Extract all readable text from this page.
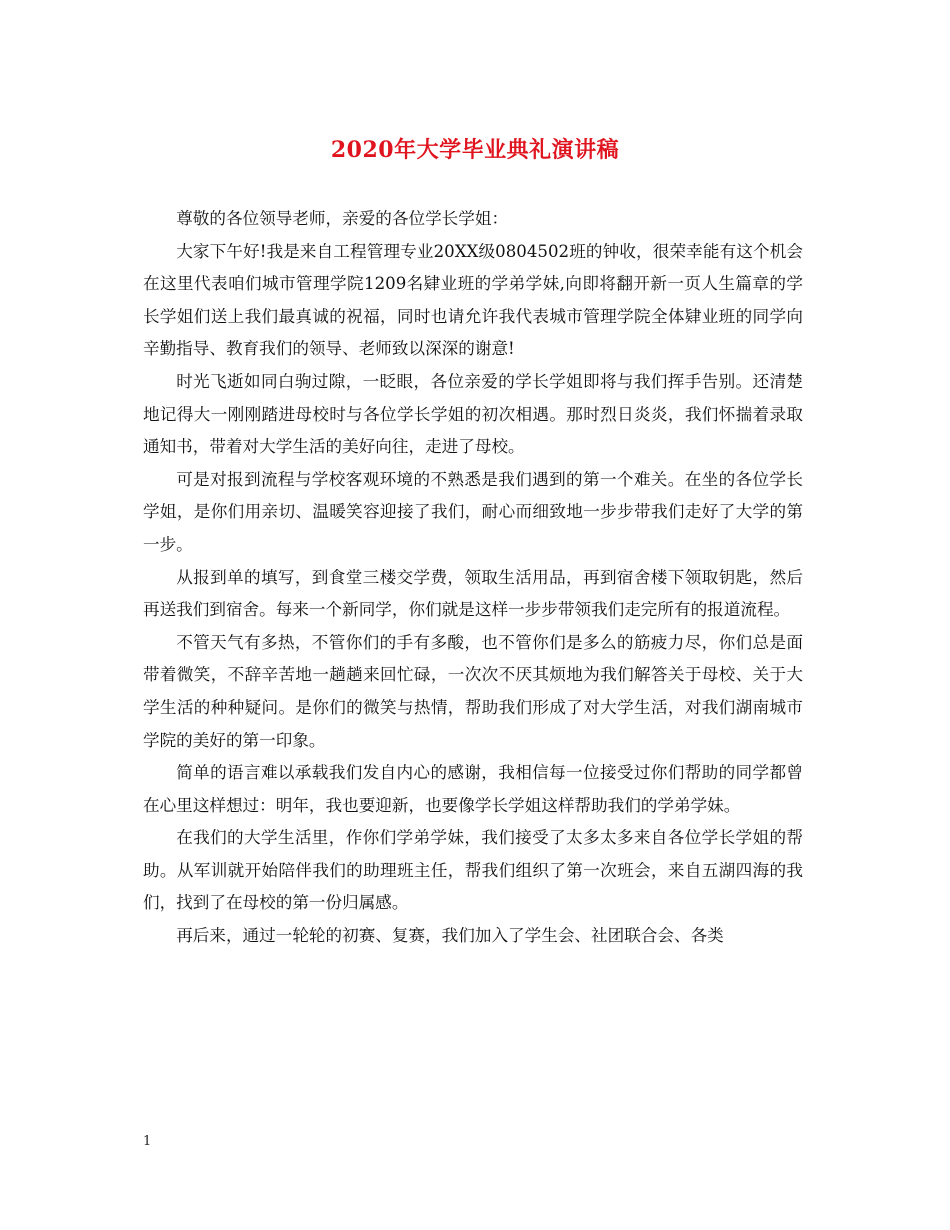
2020年大学毕业典礼演讲稿

尊敬的各位领导老师，亲爱的各位学长学姐：

大家下午好!我是来自工程管理专业20XX级0804502班的钟收，很荣幸能有这个机会在这里代表咱们城市管理学院1209名肄业班的学弟学妹,向即将翻开新一页人生篇章的学长学姐们送上我们最真诚的祝福，同时也请允许我代表城市管理学院全体肄业班的同学向辛勤指导、教育我们的领导、老师致以深深的谢意!

时光飞逝如同白驹过隙，一眨眼，各位亲爱的学长学姐即将与我们挥手告别。还清楚地记得大一刚刚踏进母校时与各位学长学姐的初次相遇。那时烈日炎炎，我们怀揣着录取通知书，带着对大学生活的美好向往，走进了母校。

可是对报到流程与学校客观环境的不熟悉是我们遇到的第一个难关。在坐的各位学长学姐，是你们用亲切、温暖笑容迎接了我们，耐心而细致地一步步带我们走好了大学的第一步。

从报到单的填写，到食堂三楼交学费，领取生活用品，再到宿舍楼下领取钥匙，然后再送我们到宿舍。每来一个新同学，你们就是这样一步步带领我们走完所有的报道流程。

不管天气有多热，不管你们的手有多酸，也不管你们是多么的筋疲力尽，你们总是面带着微笑，不辞辛苦地一趟趟来回忙碌，一次次不厌其烦地为我们解答关于母校、关于大学生活的种种疑问。是你们的微笑与热情，帮助我们形成了对大学生活，对我们湖南城市学院的美好的第一印象。

简单的语言难以承载我们发自内心的感谢，我相信每一位接受过你们帮助的同学都曾在心里这样想过：明年，我也要迎新，也要像学长学姐这样帮助我们的学弟学妹。

在我们的大学生活里，作你们学弟学妹，我们接受了太多太多来自各位学长学姐的帮助。从军训就开始陪伴我们的助理班主任，帮我们组织了第一次班会，来自五湖四海的我们，找到了在母校的第一份归属感。

再后来，通过一轮轮的初赛、复赛，我们加入了学生会、社团联合会、各类

1
